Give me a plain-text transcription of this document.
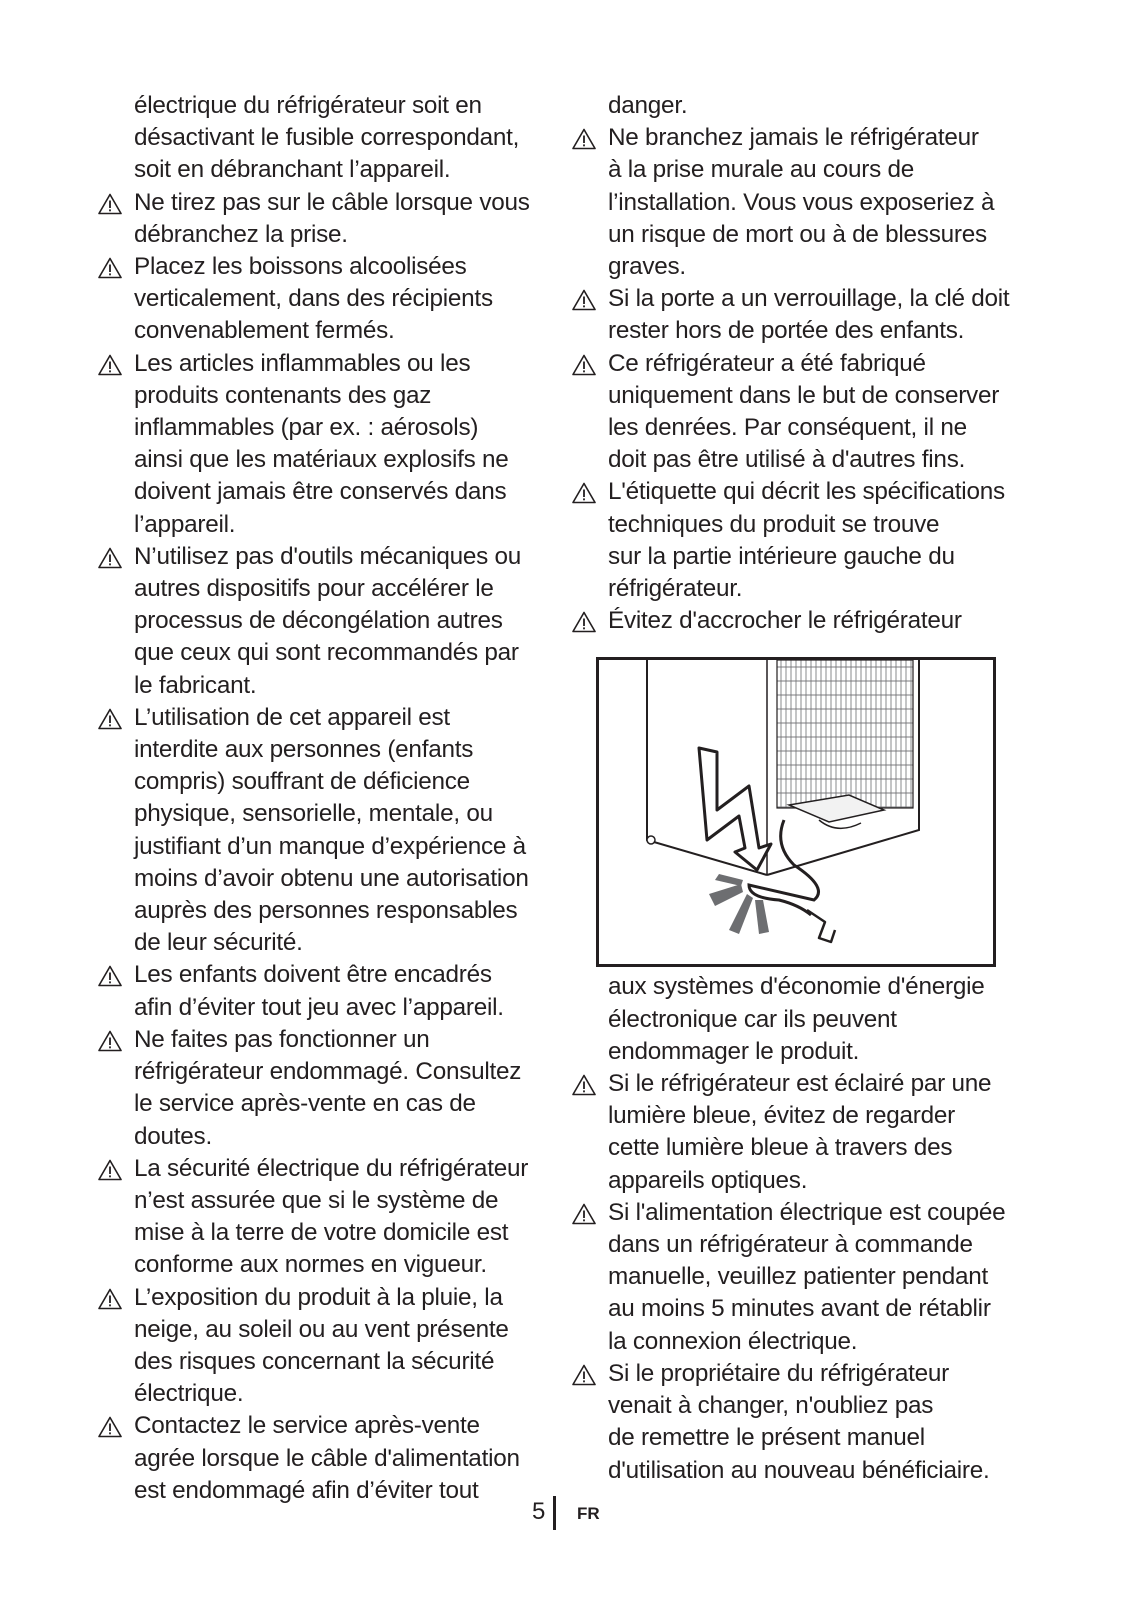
électrique du réfrigérateur soit en
désactivant le fusible correspondant,
soit en débranchant l’appareil.
Ne tirez pas sur le câble lorsque vous
débranchez la prise.
Placez les boissons alcoolisées
verticalement, dans des récipients
convenablement fermés.
Les articles inflammables ou les
produits contenants des gaz
inflammables (par ex. : aérosols)
ainsi que les matériaux explosifs ne
doivent jamais être conservés dans
l’appareil.
N’utilisez pas d'outils mécaniques ou
autres dispositifs pour accélérer le
processus de décongélation autres
que ceux qui sont recommandés par
le fabricant.
L’utilisation de cet appareil est
interdite aux personnes (enfants
compris) souffrant de déficience
physique, sensorielle, mentale, ou
justifiant d’un manque d’expérience à
moins d’avoir obtenu une autorisation
auprès des personnes responsables
de leur sécurité.
Les enfants doivent être encadrés
afin d’éviter tout jeu avec l’appareil.
Ne faites pas fonctionner un
réfrigérateur endommagé. Consultez
le service après-vente en cas de
doutes.
La sécurité électrique du réfrigérateur
n’est assurée que si le système de
mise à la terre de votre domicile est
conforme aux normes en vigueur.
L’exposition du produit à la pluie, la
neige, au soleil ou au vent présente
des risques concernant la sécurité
électrique.
Contactez le service après-vente
agrée lorsque le câble d'alimentation
est endommagé afin d’éviter tout
danger.
Ne branchez jamais le réfrigérateur
à la prise murale au cours de
l’installation. Vous vous exposeriez à
un risque de mort ou à de blessures
graves.
Si la porte a un verrouillage, la clé doit
rester hors de portée des enfants.
Ce réfrigérateur a été fabriqué
uniquement dans le but de conserver
les denrées. Par conséquent, il ne
doit pas être utilisé à d'autres fins.
L'étiquette qui décrit les spécifications
techniques du produit se trouve
sur la partie intérieure gauche du
réfrigérateur.
Évitez d'accrocher le réfrigérateur
aux systèmes d'économie d'énergie
électronique car ils peuvent
endommager le produit.
Si le réfrigérateur est éclairé par une
lumière bleue, évitez de regarder
cette lumière bleue à travers des
appareils optiques.
Si l'alimentation électrique est coupée
dans un réfrigérateur à commande
manuelle, veuillez patienter pendant
au moins 5 minutes avant de rétablir
la connexion électrique.
Si le propriétaire du réfrigérateur
venait à changer, n'oubliez pas
de remettre le présent manuel
d'utilisation au nouveau bénéficiaire.
5 FR
